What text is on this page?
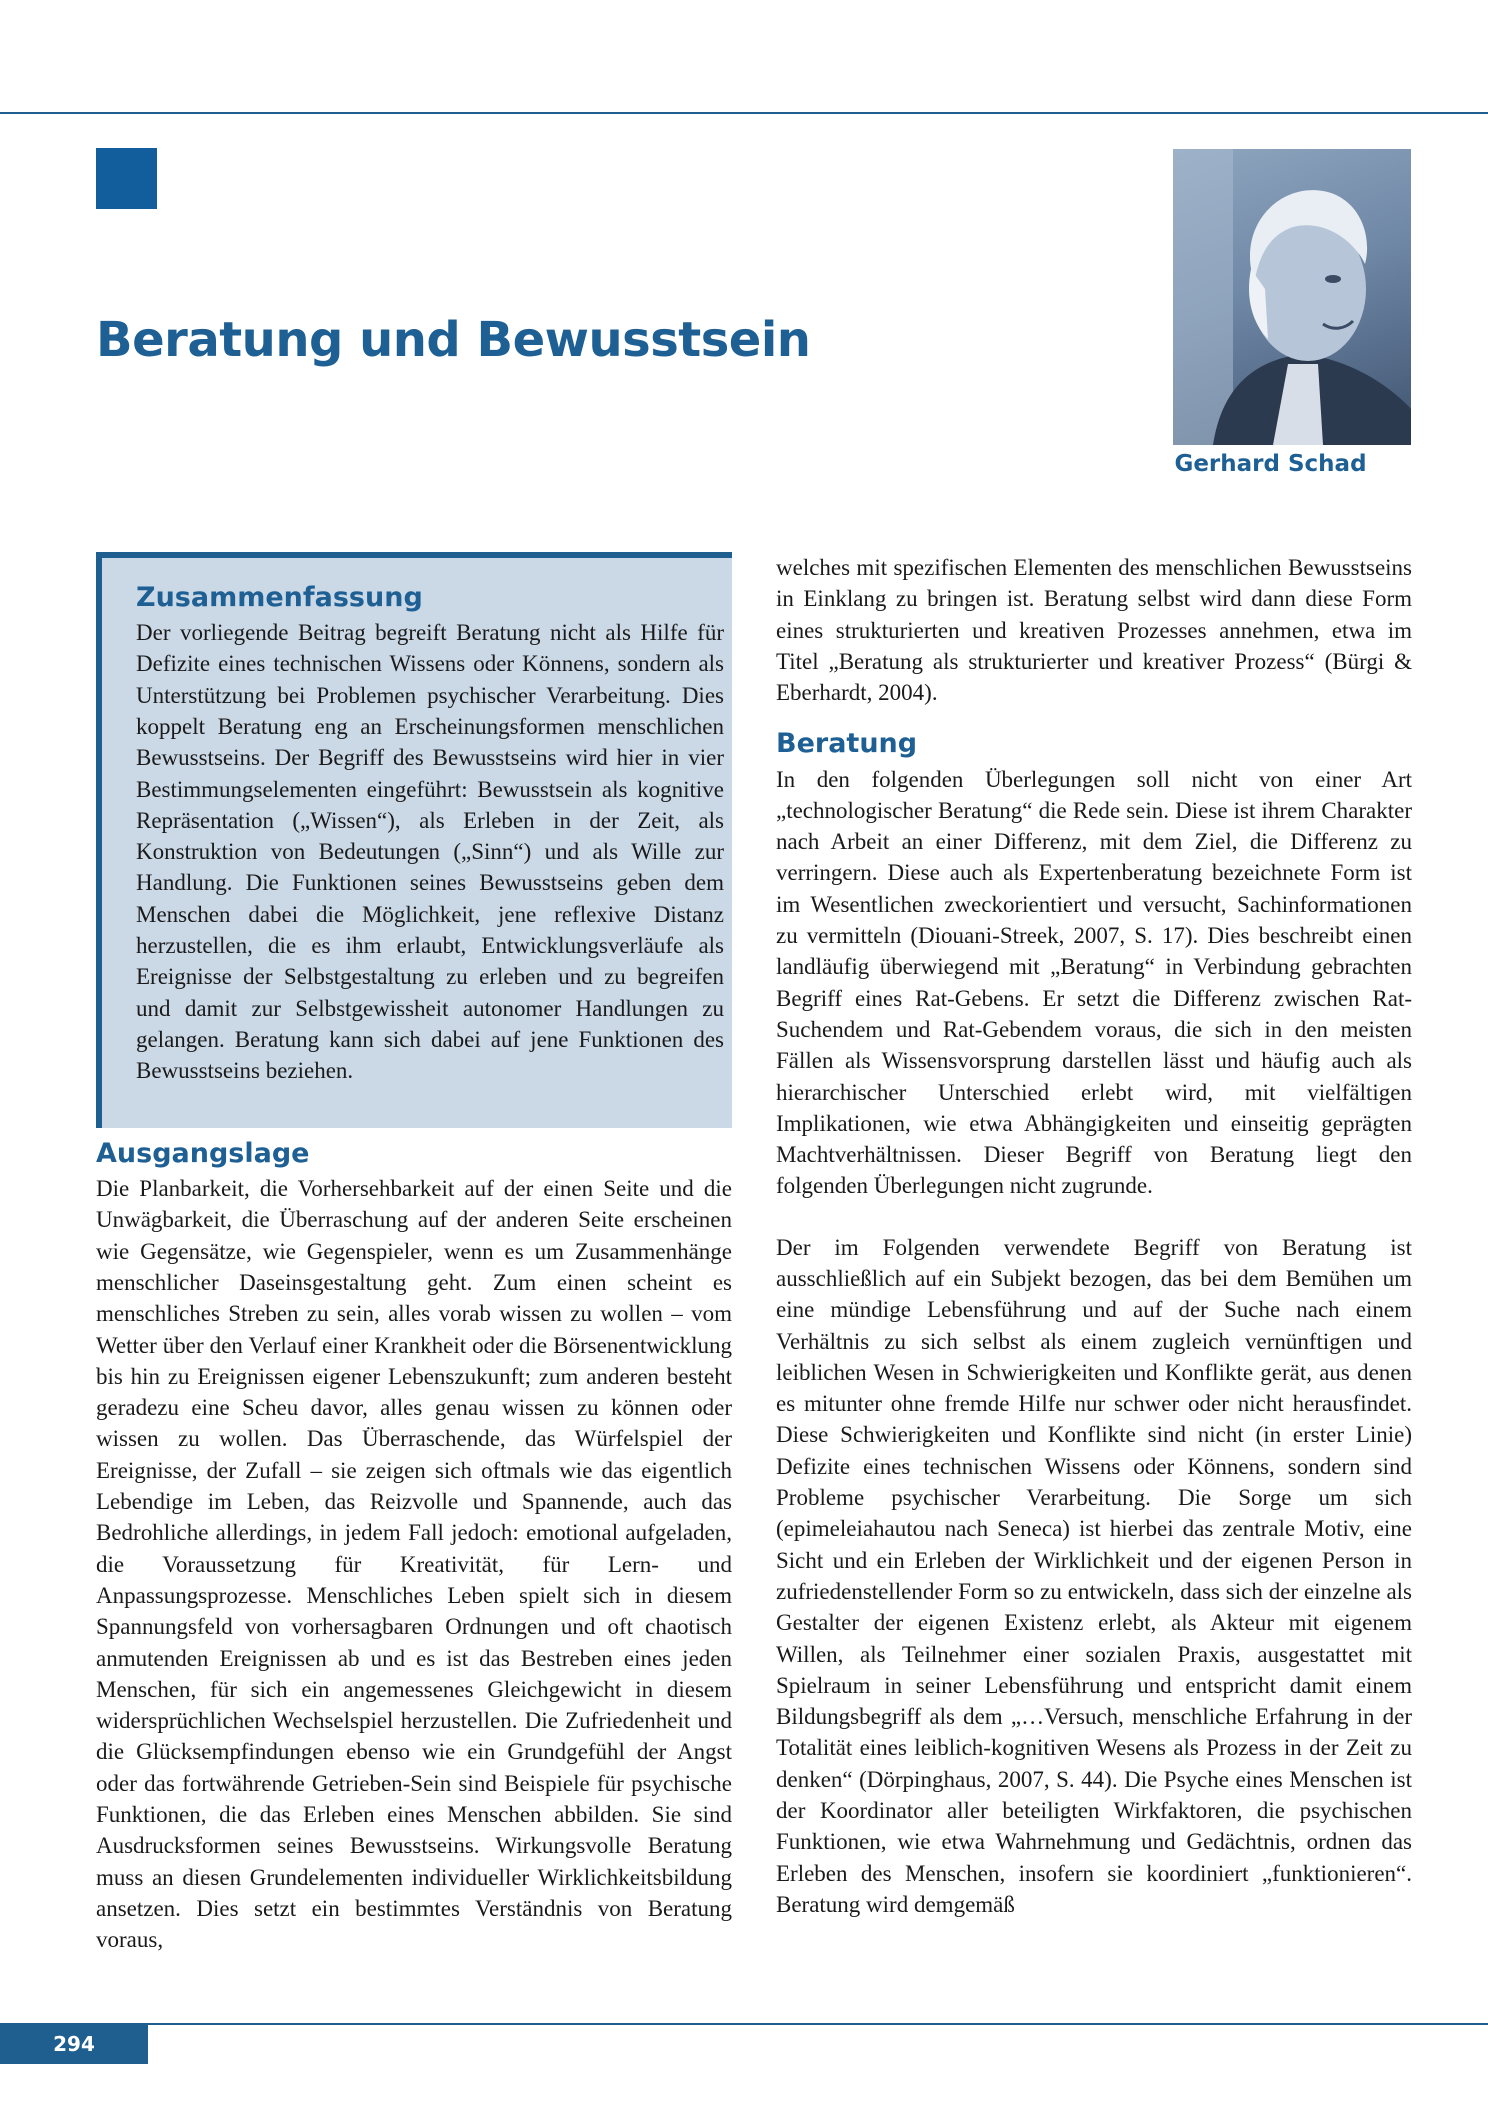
Beratung und Bewusstsein
Gerhard Schad
Zusammenfassung

Der vorliegende Beitrag begreift Beratung nicht als Hilfe für Defizite eines technischen Wissens oder Könnens, sondern als Unterstützung bei Problemen psychischer Verarbeitung. Dies koppelt Beratung eng an Erscheinungsformen menschlichen Bewusstseins. Der Begriff des Bewusstseins wird hier in vier Bestimmungselementen eingeführt: Bewusstsein als kognitive Repräsentation („Wissen“), als Erleben in der Zeit, als Konstruktion von Bedeutungen („Sinn“) und als Wille zur Handlung. Die Funktionen seines Bewusstseins geben dem Menschen dabei die Möglichkeit, jene reflexive Distanz herzustellen, die es ihm erlaubt, Entwicklungsverläufe als Ereignisse der Selbstgestaltung zu erleben und zu begreifen und damit zur Selbstgewissheit autonomer Handlungen zu gelangen. Beratung kann sich dabei auf jene Funktionen des Bewusstseins beziehen.

Ausgangslage

Die Planbarkeit, die Vorhersehbarkeit auf der einen Seite und die Unwägbarkeit, die Überraschung auf der anderen Seite erscheinen wie Gegensätze, wie Gegenspieler, wenn es um Zusammenhänge menschlicher Daseinsgestaltung geht. Zum einen scheint es menschliches Streben zu sein, alles vorab wissen zu wollen – vom Wetter über den Verlauf einer Krankheit oder die Börsenentwicklung bis hin zu Ereignissen eigener Lebenszukunft; zum anderen besteht geradezu eine Scheu davor, alles genau wissen zu können oder wissen zu wollen. Das Überraschende, das Würfelspiel der Ereignisse, der Zufall – sie zeigen sich oftmals wie das eigentlich Lebendige im Leben, das Reizvolle und Spannende, auch das Bedrohliche allerdings, in jedem Fall jedoch: emotional aufgeladen, die Voraussetzung für Kreativität, für Lern- und Anpassungsprozesse. Menschliches Leben spielt sich in diesem Spannungsfeld von vorhersagbaren Ordnungen und oft chaotisch anmutenden Ereignissen ab und es ist das Bestreben eines jeden Menschen, für sich ein angemessenes Gleichgewicht in diesem widersprüchlichen Wechselspiel herzustellen. Die Zufriedenheit und die Glücksempfindungen ebenso wie ein Grundgefühl der Angst oder das fortwährende Getrieben-Sein sind Beispiele für psychische Funktionen, die das Erleben eines Menschen abbilden. Sie sind Ausdrucksformen seines Bewusstseins. Wirkungsvolle Beratung muss an diesen Grundelementen individueller Wirklichkeitsbildung ansetzen. Dies setzt ein bestimmtes Verständnis von Beratung voraus,

welches mit spezifischen Elementen des menschlichen Bewusstseins in Einklang zu bringen ist. Beratung selbst wird dann diese Form eines strukturierten und kreativen Prozesses annehmen, etwa im Titel „Beratung als strukturierter und kreativer Prozess“ (Bürgi & Eberhardt, 2004).

Beratung

In den folgenden Überlegungen soll nicht von einer Art „technologischer Beratung“ die Rede sein. Diese ist ihrem Charakter nach Arbeit an einer Differenz, mit dem Ziel, die Differenz zu verringern. Diese auch als Expertenberatung bezeichnete Form ist im Wesentlichen zweckorientiert und versucht, Sachinformationen zu vermitteln (Diouani-Streek, 2007, S. 17). Dies beschreibt einen landläufig überwiegend mit „Beratung“ in Verbindung gebrachten Begriff eines Rat-Gebens. Er setzt die Differenz zwischen Rat-Suchendem und Rat-Gebendem voraus, die sich in den meisten Fällen als Wissensvorsprung darstellen lässt und häufig auch als hierarchischer Unterschied erlebt wird, mit vielfältigen Implikationen, wie etwa Abhängigkeiten und einseitig geprägten Machtverhältnissen. Dieser Begriff von Beratung liegt den folgenden Überlegungen nicht zugrunde.

Der im Folgenden verwendete Begriff von Beratung ist ausschließlich auf ein Subjekt bezogen, das bei dem Bemühen um eine mündige Lebensführung und auf der Suche nach einem Verhältnis zu sich selbst als einem zugleich vernünftigen und leiblichen Wesen in Schwierigkeiten und Konflikte gerät, aus denen es mitunter ohne fremde Hilfe nur schwer oder nicht herausfindet. Diese Schwierigkeiten und Konflikte sind nicht (in erster Linie) Defizite eines technischen Wissens oder Könnens, sondern sind Probleme psychischer Verarbeitung. Die Sorge um sich (epimeleiahautou nach Seneca) ist hierbei das zentrale Motiv, eine Sicht und ein Erleben der Wirklichkeit und der eigenen Person in zufriedenstellender Form so zu entwickeln, dass sich der einzelne als Gestalter der eigenen Existenz erlebt, als Akteur mit eigenem Willen, als Teilnehmer einer sozialen Praxis, ausgestattet mit Spielraum in seiner Lebensführung und entspricht damit einem Bildungsbegriff als dem „…Versuch, menschliche Erfahrung in der Totalität eines leiblich-kognitiven Wesens als Prozess in der Zeit zu denken“ (Dörpinghaus, 2007, S. 44). Die Psyche eines Menschen ist der Koordinator aller beteiligten Wirkfaktoren, die psychischen Funktionen, wie etwa Wahrnehmung und Gedächtnis, ordnen das Erleben des Menschen, insofern sie koordiniert „funktionieren“. Beratung wird demgemäß

294
